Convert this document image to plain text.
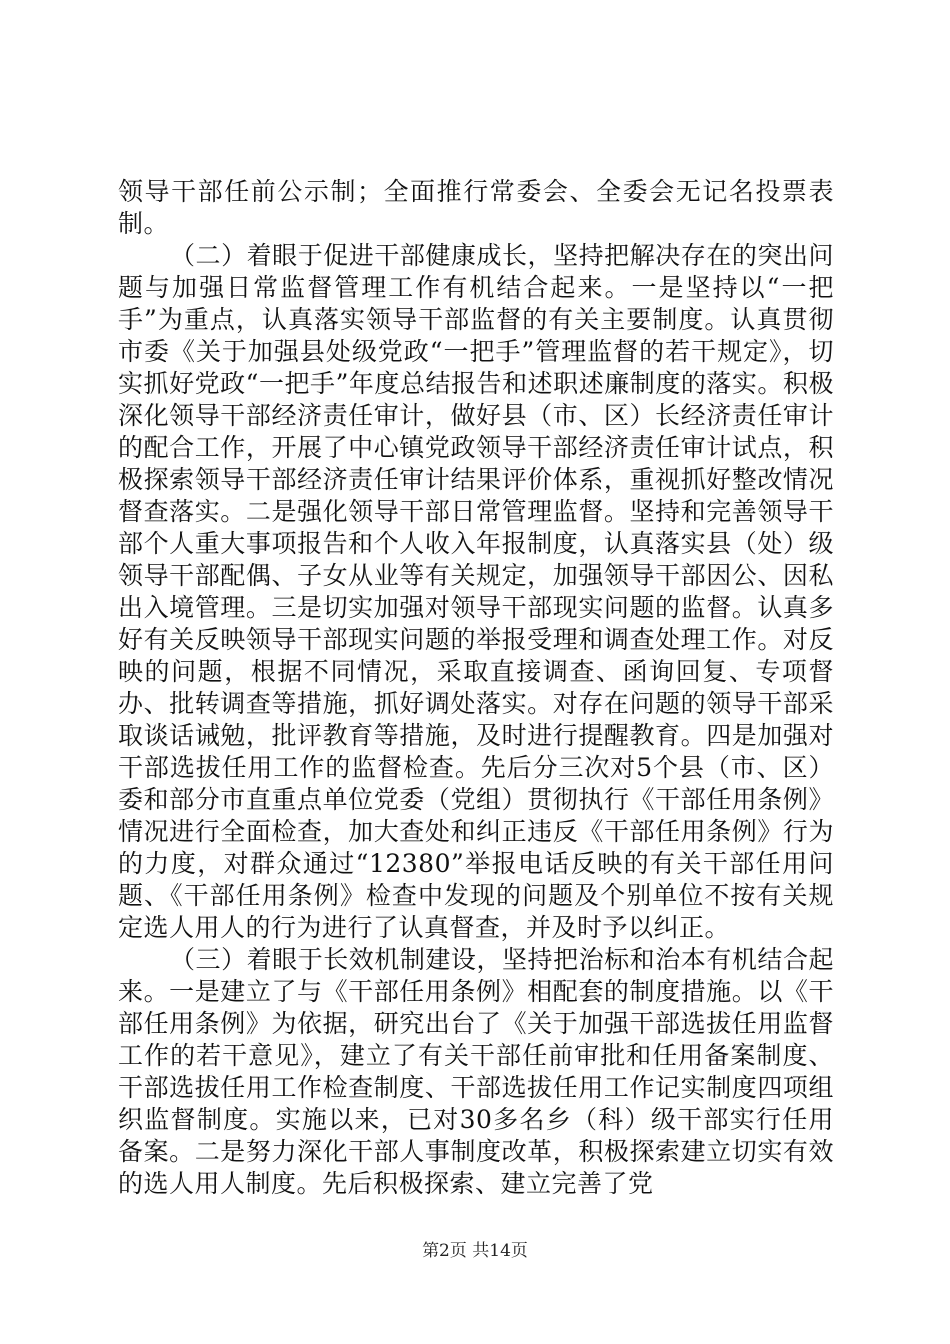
领导干部任前公示制；全面推行常委会、全委会无记名投票表制。

（二）着眼于促进干部健康成长，坚持把解决存在的突出问题与加强日常监督管理工作有机结合起来。一是坚持以“一把手”为重点，认真落实领导干部监督的有关主要制度。认真贯彻市委《关于加强县处级党政“一把手”管理监督的若干规定》，切实抓好党政“一把手”年度总结报告和述职述廉制度的落实。积极深化领导干部经济责任审计，做好县（市、区）长经济责任审计的配合工作，开展了中心镇党政领导干部经济责任审计试点，积极探索领导干部经济责任审计结果评价体系，重视抓好整改情况督查落实。二是强化领导干部日常管理监督。坚持和完善领导干部个人重大事项报告和个人收入年报制度，认真落实县（处）级领导干部配偶、子女从业等有关规定，加强领导干部因公、因私出入境管理。三是切实加强对领导干部现实问题的监督。认真多好有关反映领导干部现实问题的举报受理和调查处理工作。对反映的问题，根据不同情况，采取直接调查、函询回复、专项督办、批转调查等措施，抓好调处落实。对存在问题的领导干部采取谈话诫勉，批评教育等措施，及时进行提醒教育。四是加强对干部选拔任用工作的监督检查。先后分三次对5个县（市、区）委和部分市直重点单位党委（党组）贯彻执行《干部任用条例》情况进行全面检查，加大查处和纠正违反《干部任用条例》行为的力度，对群众通过“12380”举报电话反映的有关干部任用问题、《干部任用条例》检查中发现的问题及个别单位不按有关规定选人用人的行为进行了认真督查，并及时予以纠正。

（三）着眼于长效机制建设，坚持把治标和治本有机结合起来。一是建立了与《干部任用条例》相配套的制度措施。以《干部任用条例》为依据，研究出台了《关于加强干部选拔任用监督工作的若干意见》，建立了有关干部任前审批和任用备案制度、干部选拔任用工作检查制度、干部选拔任用工作记实制度四项组织监督制度。实施以来，已对30多名乡（科）级干部实行任用备案。二是努力深化干部人事制度改革，积极探索建立切实有效的选人用人制度。先后积极探索、建立完善了党

第2页 共14页
